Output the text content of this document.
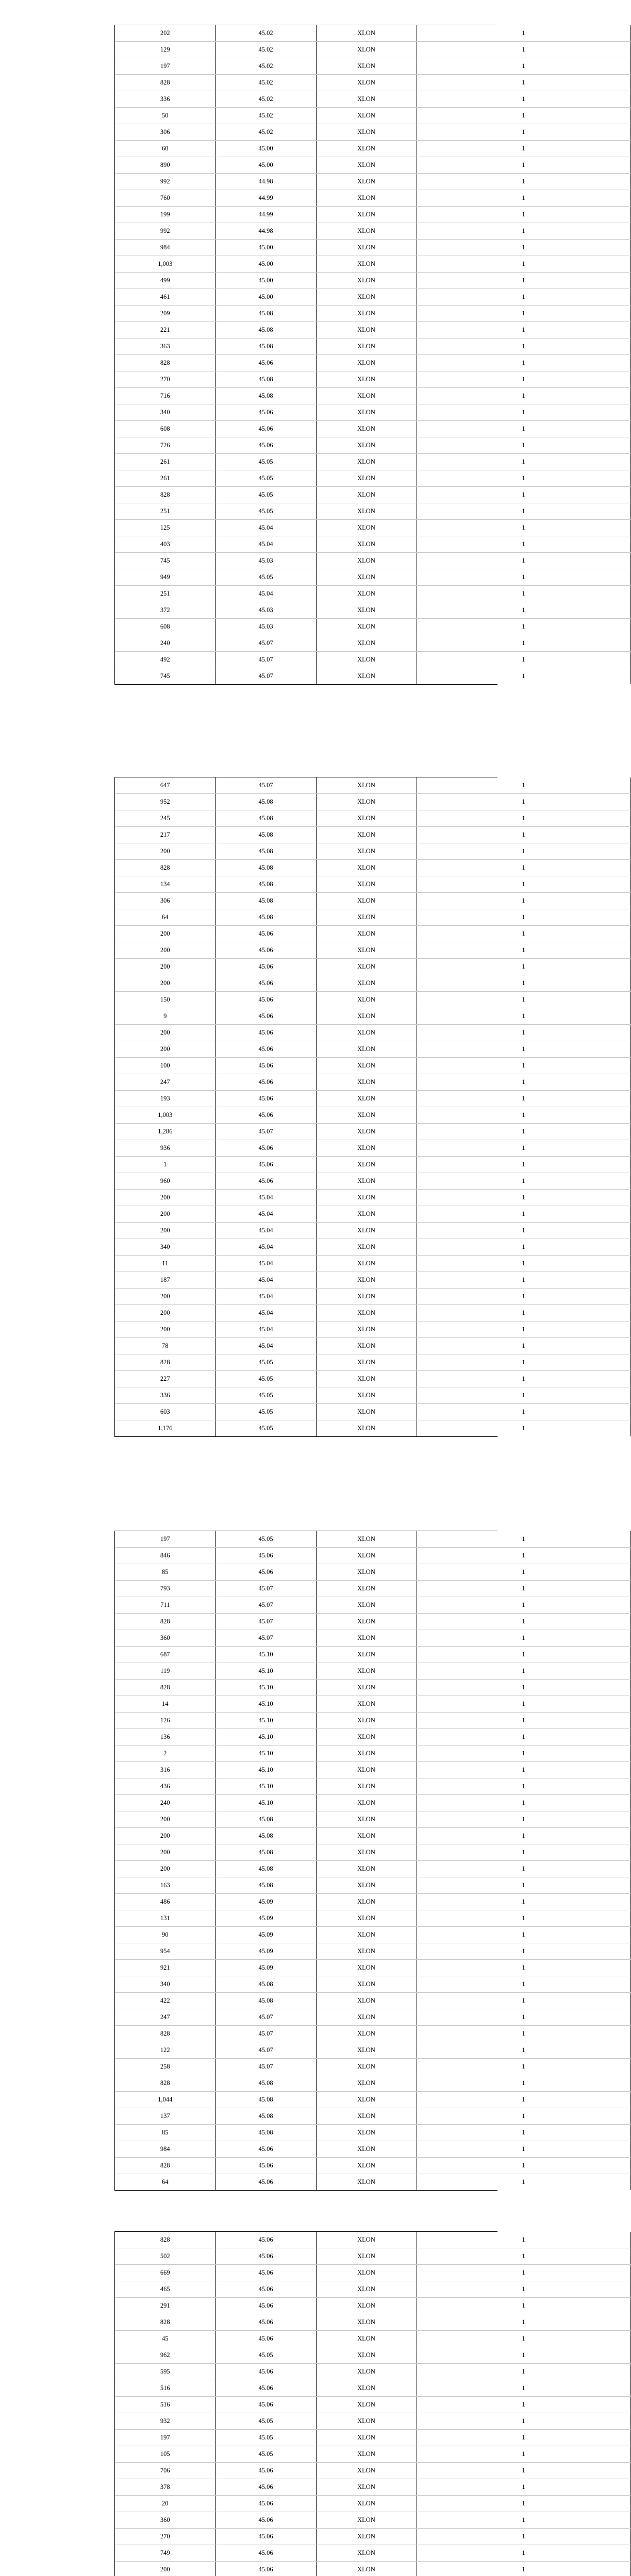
202	45.02	XLON	1
129	45.02	XLON	1
197	45.02	XLON	1
828	45.02	XLON	1
336	45.02	XLON	1
50	45.02	XLON	1
306	45.02	XLON	1
60	45.00	XLON	1
890	45.00	XLON	1
992	44.98	XLON	1
760	44.99	XLON	1
199	44.99	XLON	1
992	44.98	XLON	1
984	45.00	XLON	1
1,003	45.00	XLON	1
499	45.00	XLON	1
461	45.00	XLON	1
209	45.08	XLON	1
221	45.08	XLON	1
363	45.08	XLON	1
828	45.06	XLON	1
270	45.08	XLON	1
716	45.08	XLON	1
340	45.06	XLON	1
608	45.06	XLON	1
726	45.06	XLON	1
261	45.05	XLON	1
261	45.05	XLON	1
828	45.05	XLON	1
251	45.05	XLON	1
125	45.04	XLON	1
403	45.04	XLON	1
745	45.03	XLON	1
949	45.05	XLON	1
251	45.04	XLON	1
372	45.03	XLON	1
608	45.03	XLON	1
240	45.07	XLON	1
492	45.07	XLON	1
745	45.07	XLON	1
647	45.07	XLON	1
952	45.08	XLON	1
245	45.08	XLON	1
217	45.08	XLON	1
200	45.08	XLON	1
828	45.08	XLON	1
134	45.08	XLON	1
306	45.08	XLON	1
64	45.08	XLON	1
200	45.06	XLON	1
200	45.06	XLON	1
200	45.06	XLON	1
200	45.06	XLON	1
150	45.06	XLON	1
9	45.06	XLON	1
200	45.06	XLON	1
200	45.06	XLON	1
100	45.06	XLON	1
247	45.06	XLON	1
193	45.06	XLON	1
1,003	45.06	XLON	1
1,286	45.07	XLON	1
936	45.06	XLON	1
1	45.06	XLON	1
960	45.06	XLON	1
200	45.04	XLON	1
200	45.04	XLON	1
200	45.04	XLON	1
340	45.04	XLON	1
11	45.04	XLON	1
187	45.04	XLON	1
200	45.04	XLON	1
200	45.04	XLON	1
200	45.04	XLON	1
78	45.04	XLON	1
828	45.05	XLON	1
227	45.05	XLON	1
336	45.05	XLON	1
603	45.05	XLON	1
1,176	45.05	XLON	1
197	45.05	XLON	1
846	45.06	XLON	1
85	45.06	XLON	1
793	45.07	XLON	1
711	45.07	XLON	1
828	45.07	XLON	1
360	45.07	XLON	1
687	45.10	XLON	1
119	45.10	XLON	1
828	45.10	XLON	1
14	45.10	XLON	1
126	45.10	XLON	1
136	45.10	XLON	1
2	45.10	XLON	1
316	45.10	XLON	1
436	45.10	XLON	1
240	45.10	XLON	1
200	45.08	XLON	1
200	45.08	XLON	1
200	45.08	XLON	1
200	45.08	XLON	1
163	45.08	XLON	1
486	45.09	XLON	1
131	45.09	XLON	1
90	45.09	XLON	1
954	45.09	XLON	1
921	45.09	XLON	1
340	45.08	XLON	1
422	45.08	XLON	1
247	45.07	XLON	1
828	45.07	XLON	1
122	45.07	XLON	1
258	45.07	XLON	1
828	45.08	XLON	1
1,044	45.08	XLON	1
137	45.08	XLON	1
85	45.08	XLON	1
984	45.06	XLON	1
828	45.06	XLON	1
64	45.06	XLON	1
828	45.06	XLON	1
502	45.06	XLON	1
669	45.06	XLON	1
465	45.06	XLON	1
291	45.06	XLON	1
828	45.06	XLON	1
45	45.06	XLON	1
962	45.05	XLON	1
595	45.06	XLON	1
516	45.06	XLON	1
516	45.06	XLON	1
932	45.05	XLON	1
197	45.05	XLON	1
105	45.05	XLON	1
706	45.06	XLON	1
378	45.06	XLON	1
20	45.06	XLON	1
360	45.06	XLON	1
270	45.06	XLON	1
749	45.06	XLON	1
200	45.06	XLON	1
